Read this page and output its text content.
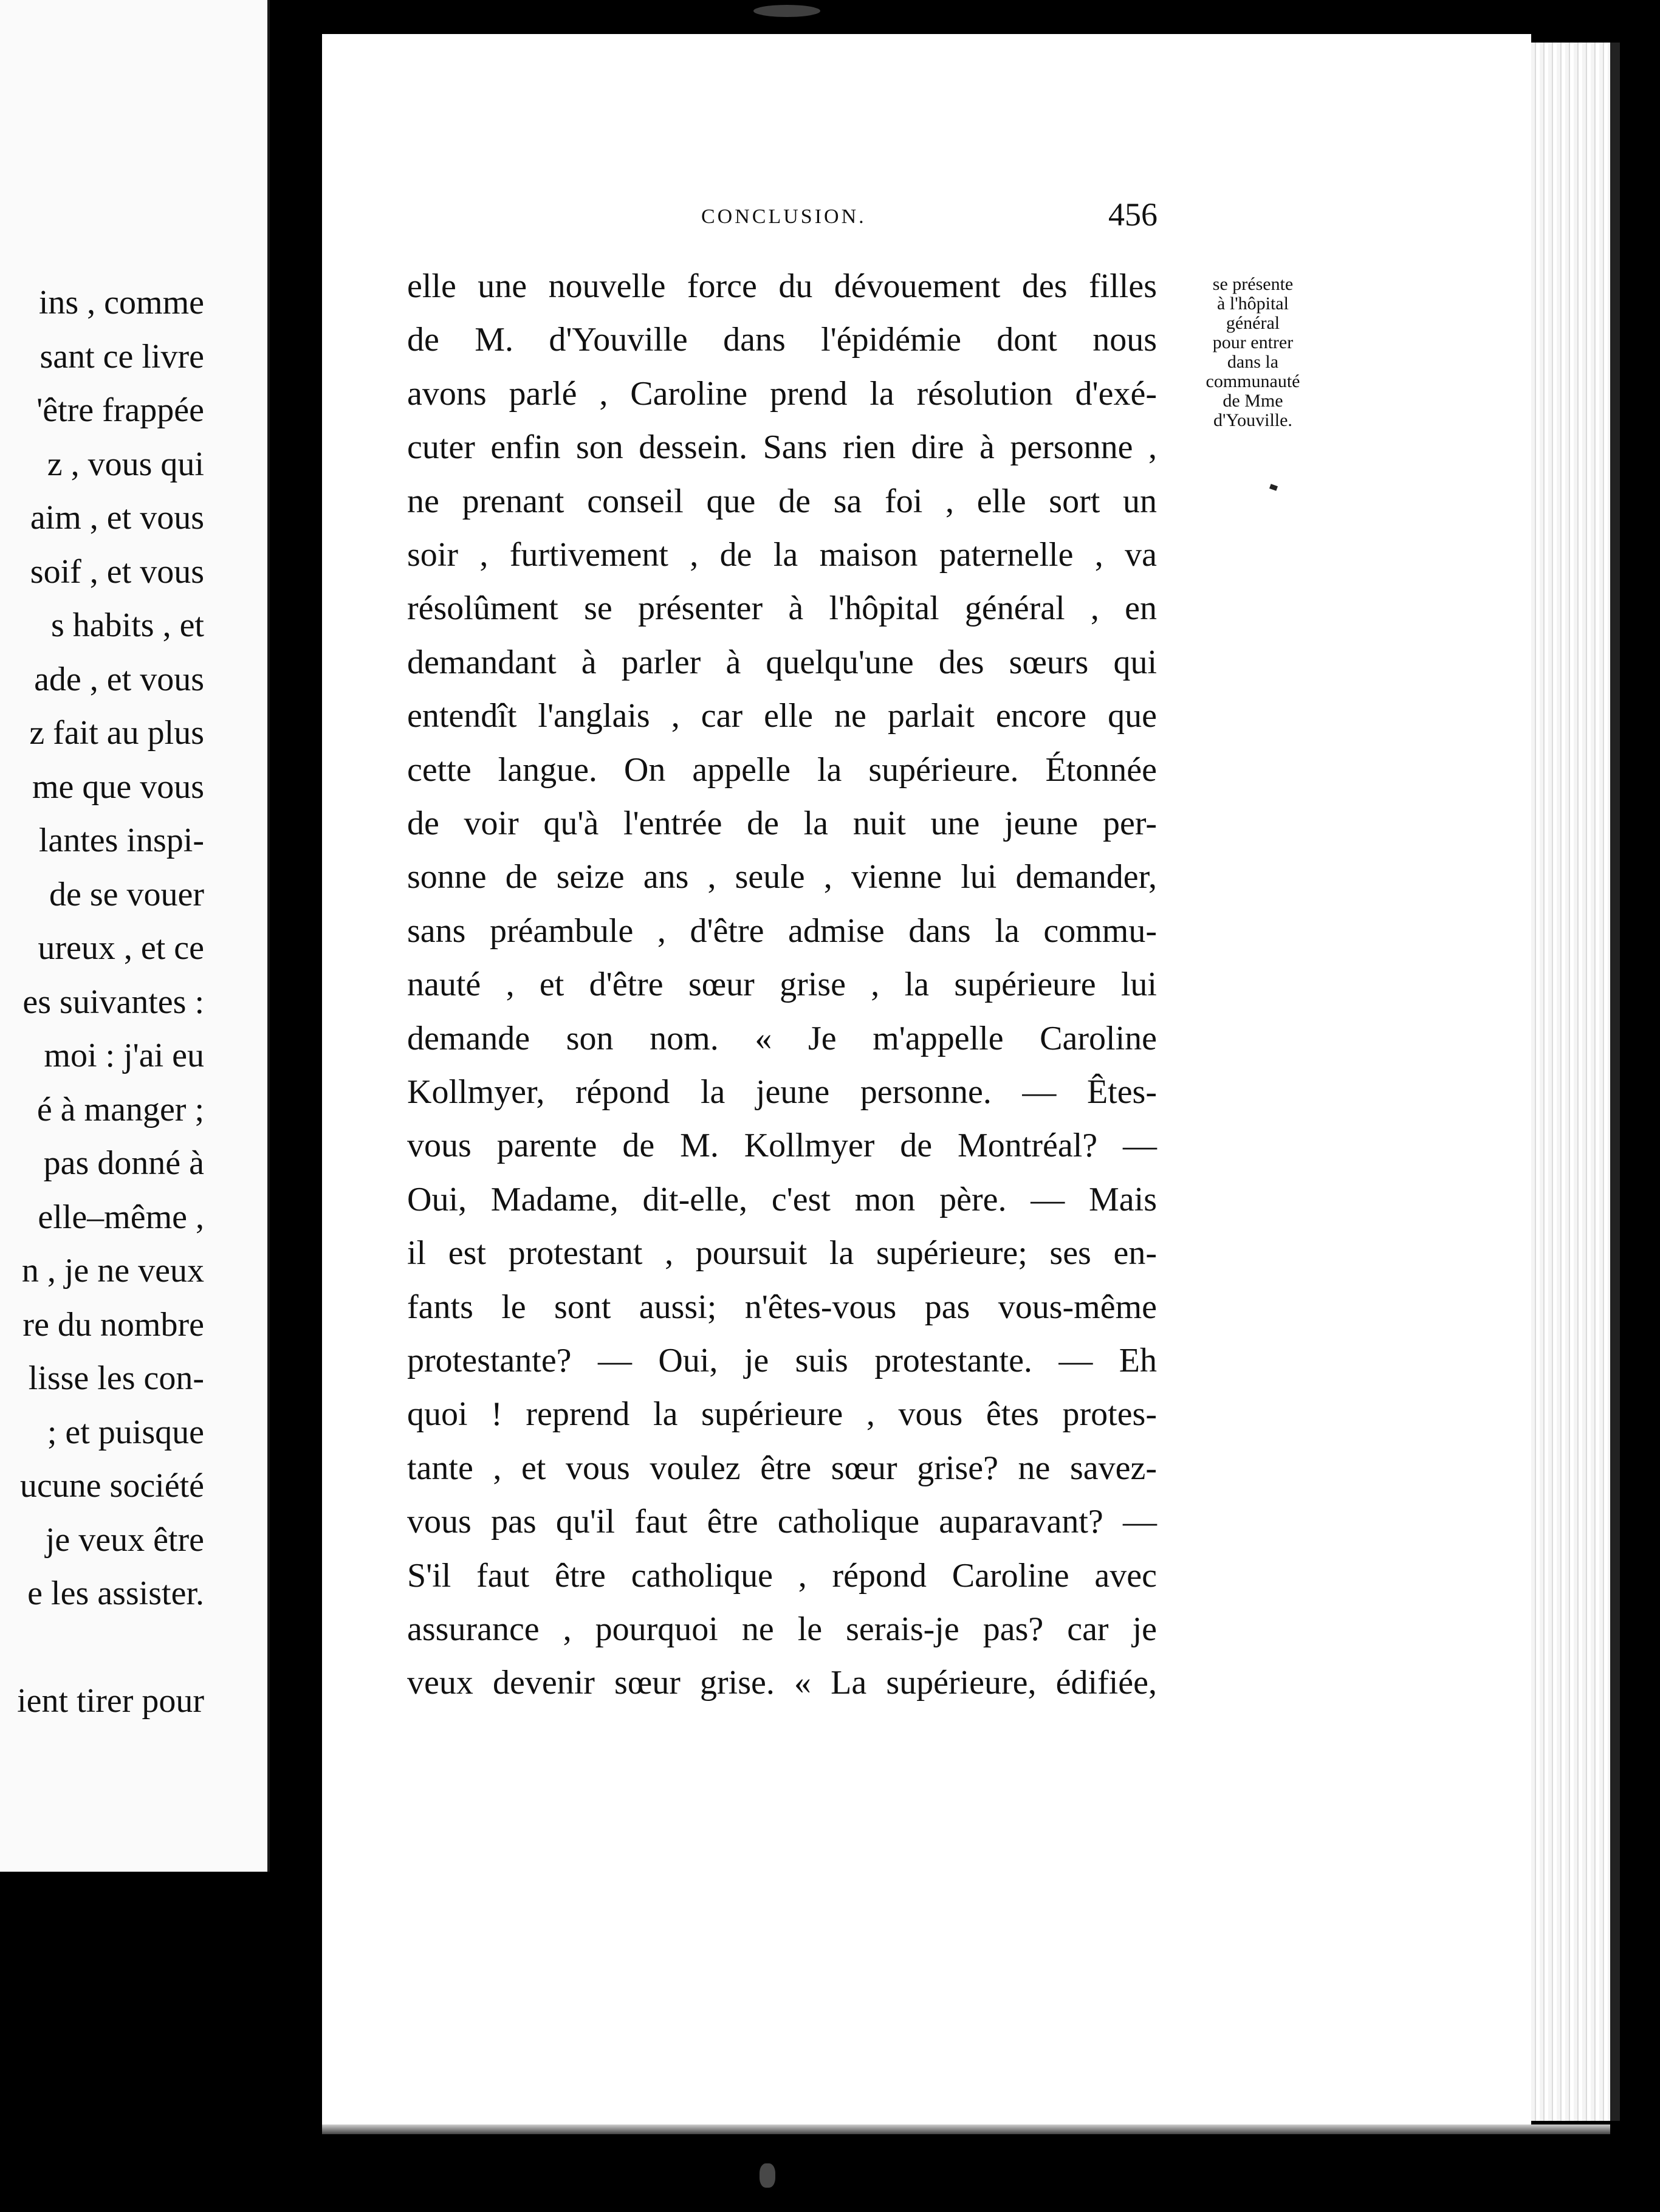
ins , comme
sant ce livre
'être frappée
z , vous qui
aim , et vous
soif , et vous
s habits , et
ade , et vous
z fait au plus
me que vous
lantes inspi-
de se vouer
ureux , et ce
es suivantes :
moi : j'ai eu
é à manger ;
pas donné à
elle–même ,
n , je ne veux
re du nombre
lisse les con-
; et puisque
ucune société
je veux être
e les assister.
ient tirer pour
CONCLUSION.	456
elle une nouvelle force du dévouement des filles
de M. d'Youville dans l'épidémie dont nous
avons parlé , Caroline prend la résolution d'exé-
cuter enfin son dessein. Sans rien dire à personne ,
ne prenant conseil que de sa foi , elle sort un
soir , furtivement , de la maison paternelle , va
résolûment se présenter à l'hôpital général , en
demandant à parler à quelqu'une des sœurs qui
entendît l'anglais , car elle ne parlait encore que
cette langue. On appelle la supérieure. Étonnée
de voir qu'à l'entrée de la nuit une jeune per-
sonne de seize ans , seule , vienne lui demander,
sans préambule , d'être admise dans la commu-
nauté , et d'être sœur grise , la supérieure lui
demande son nom. « Je m'appelle Caroline
Kollmyer, répond la jeune personne. — Êtes-
vous parente de M. Kollmyer de Montréal? —
Oui, Madame, dit-elle, c'est mon père. — Mais
il est protestant , poursuit la supérieure; ses en-
fants le sont aussi; n'êtes-vous pas vous-même
protestante? — Oui, je suis protestante. — Eh
quoi ! reprend la supérieure , vous êtes protes-
tante , et vous voulez être sœur grise? ne savez-
vous pas qu'il faut être catholique auparavant? —
S'il faut être catholique , répond Caroline avec
assurance , pourquoi ne le serais-je pas? car je
veux devenir sœur grise. « La supérieure, édifiée,
se présente
à l'hôpital
général
pour entrer
dans la
communauté
de Mme
d'Youville.
